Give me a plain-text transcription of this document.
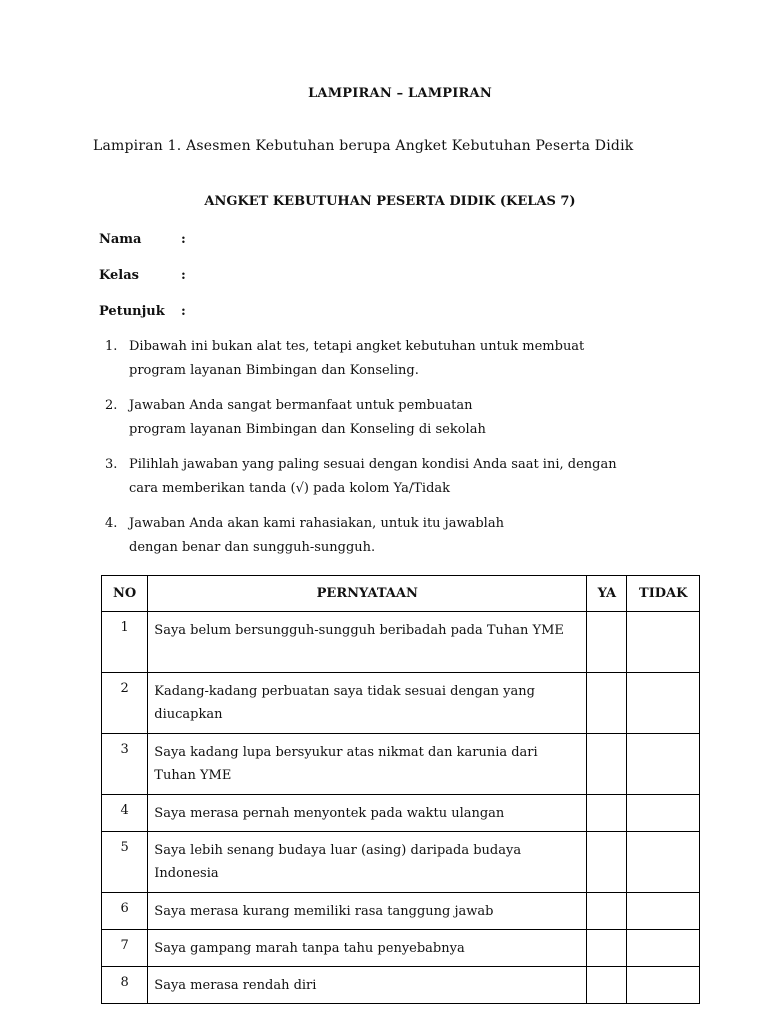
LAMPIRAN – LAMPIRAN
Lampiran 1. Asesmen Kebutuhan berupa Angket Kebutuhan Peserta Didik
ANGKET KEBUTUHAN PESERTA DIDIK (KELAS 7)
Nama	:
Kelas	:
Petunjuk :
1. Dibawah ini bukan alat tes, tetapi angket kebutuhan untuk membuat
program layanan Bimbingan dan Konseling.
2. Jawaban Anda sangat bermanfaat untuk pembuatan
program layanan Bimbingan dan Konseling di sekolah
3. Pilihlah jawaban yang paling sesuai dengan kondisi Anda saat ini, dengan
cara memberikan tanda (√) pada kolom Ya/Tidak
4. Jawaban Anda akan kami rahasiakan, untuk itu jawablah
dengan benar dan sungguh-sungguh.
NO	PERNYATAAN	YA	TIDAK
1	Saya belum bersungguh-sungguh beribadah pada Tuhan YME		
2	Kadang-kadang perbuatan saya tidak sesuai dengan yang diucapkan		
3	Saya kadang lupa bersyukur atas nikmat dan karunia dari Tuhan YME		
4	Saya merasa pernah menyontek pada waktu ulangan		
5	Saya lebih senang budaya luar (asing) daripada budaya Indonesia		
6	Saya merasa kurang memiliki rasa tanggung jawab		
7	Saya gampang marah tanpa tahu penyebabnya		
8	Saya merasa rendah diri		
